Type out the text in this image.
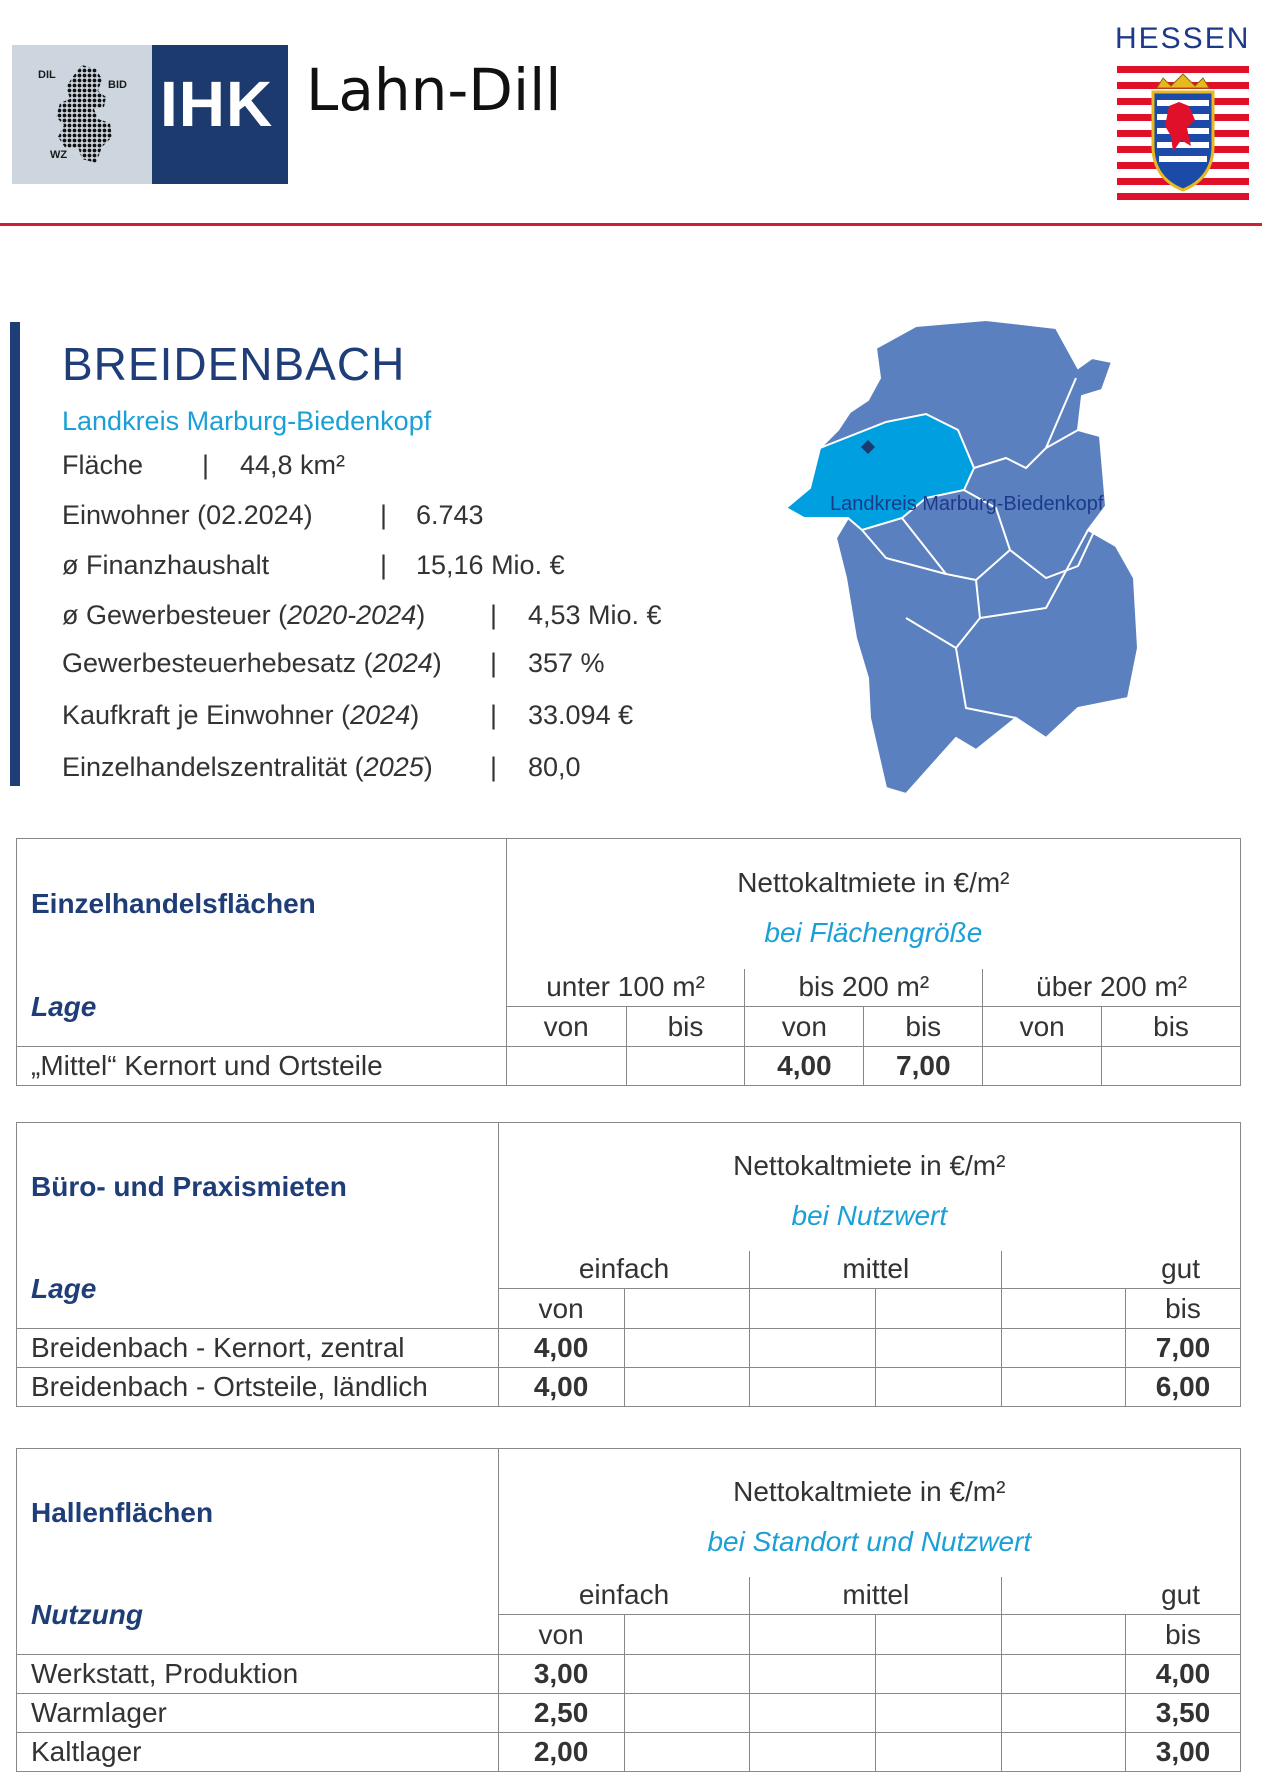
DIL
BID
WZ
IHK Lahn-Dill
HESSEN
BREIDENBACH
Landkreis Marburg-Biedenkopf
Fläche | 44,8 km²
Einwohner (02.2024) | 6.743
ø Finanzhaushalt	| 15,16 Mio. €
ø Gewerbesteuer (2020-2024) | 4,53 Mio. €
Gewerbesteuerhebesatz (2024) | 357 %
Kaufkraft je Einwohner (2024)	| 33.094 €
Einzelhandelszentralität (2025) | 80,0
Landkreis Marburg-Biedenkopf
Einzelhandelsflächen	Nettokaltmiete in €/m²
bei Flächengröße					

Lage	unter 100 m²		bis 200 m²		über 200 m²	
	von	bis	von	bis	von	bis
„Mittel“ Kernort und Ortsteile			4,00	7,00		
Büro- und Praxismieten	Nettokaltmiete in €/m²
bei Nutzwert					

Lage	einfach		mittel		gut	
	von					bis
Breidenbach - Kernort, zentral	4,00					7,00
Breidenbach - Ortsteile, ländlich	4,00					6,00
Hallenflächen	Nettokaltmiete in €/m²
bei Standort und Nutzwert					

Nutzung	einfach		mittel		gut	
	von					bis
Werkstatt, Produktion	3,00					4,00
Warmlager	2,50					3,50
Kaltlager	2,00					3,00
